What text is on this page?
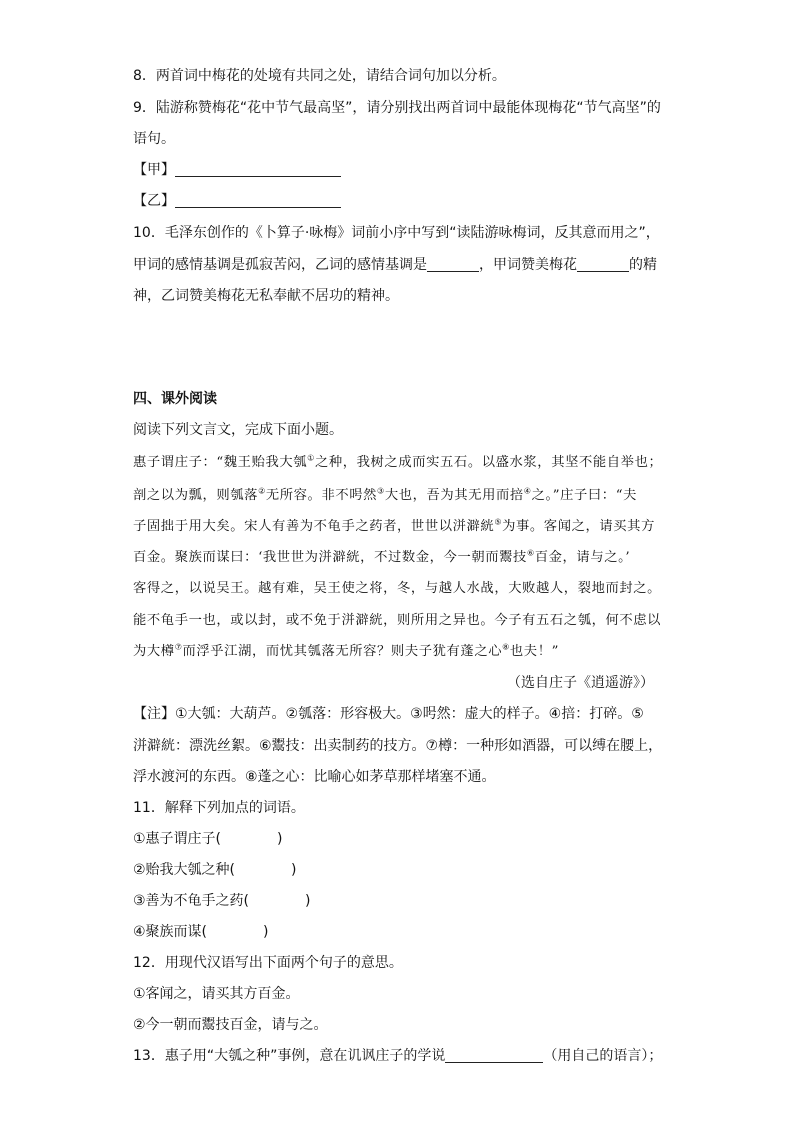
8．两首词中梅花的处境有共同之处，请结合词句加以分析。
9．陆游称赞梅花“花中节气最高坚”，请分别找出两首词中最能体现梅花“节气高坚”的
语句。
【甲】
【乙】
10．毛泽东创作的《卜算子·咏梅》词前小序中写到“读陆游咏梅词，反其意而用之”，
甲词的感情基调是孤寂苦闷，乙词的感情基调是	，甲词赞美梅花	的精
神，乙词赞美梅花无私奉献不居功的精神。
四、课外阅读
阅读下列文言文，完成下面小题。
惠子谓庄子：“魏王贻我大瓠①之种，我树之成而实五石。以盛水浆，其坚不能自举也；
剖之以为瓢，则瓠落②无所容。非不呺然③大也，吾为其无用而掊④之。”庄子曰：“夫
子固拙于用大矣。宋人有善为不龟手之药者，世世以洴澼絖⑤为事。客闻之，请买其方
百金。聚族而谋曰：‘我世世为洴澼絖，不过数金，今一朝而鬻技⑥百金，请与之。’
客得之，以说吴王。越有难，吴王使之将，冬，与越人水战，大败越人，裂地而封之。
能不龟手一也，或以封，或不免于洴澼絖，则所用之异也。今子有五石之瓠，何不虑以
为大樽⑦而浮乎江湖，而忧其瓠落无所容？则夫子犹有蓬之心⑧也夫！”
（选自庄子《逍遥游》）
【注】①大瓠：大葫芦。②瓠落：形容极大。③呺然：虚大的样子。④掊：打碎。⑤
洴澼絖：漂洗丝絮。⑥鬻技：出卖制药的技方。⑦樽：一种形如酒器，可以缚在腰上，
浮水渡河的东西。⑧蓬之心：比喻心如茅草那样堵塞不通。
11．解释下列加点的词语。
①惠子谓庄子(	)
②贻我大瓠之种(	)
③善为不龟手之药(	)
④聚族而谋(	)
12．用现代汉语写出下面两个句子的意思。
①客闻之，请买其方百金。
②今一朝而鬻技百金，请与之。
13．惠子用“大瓠之种”事例，意在讥讽庄子的学说	（用自己的语言）；
